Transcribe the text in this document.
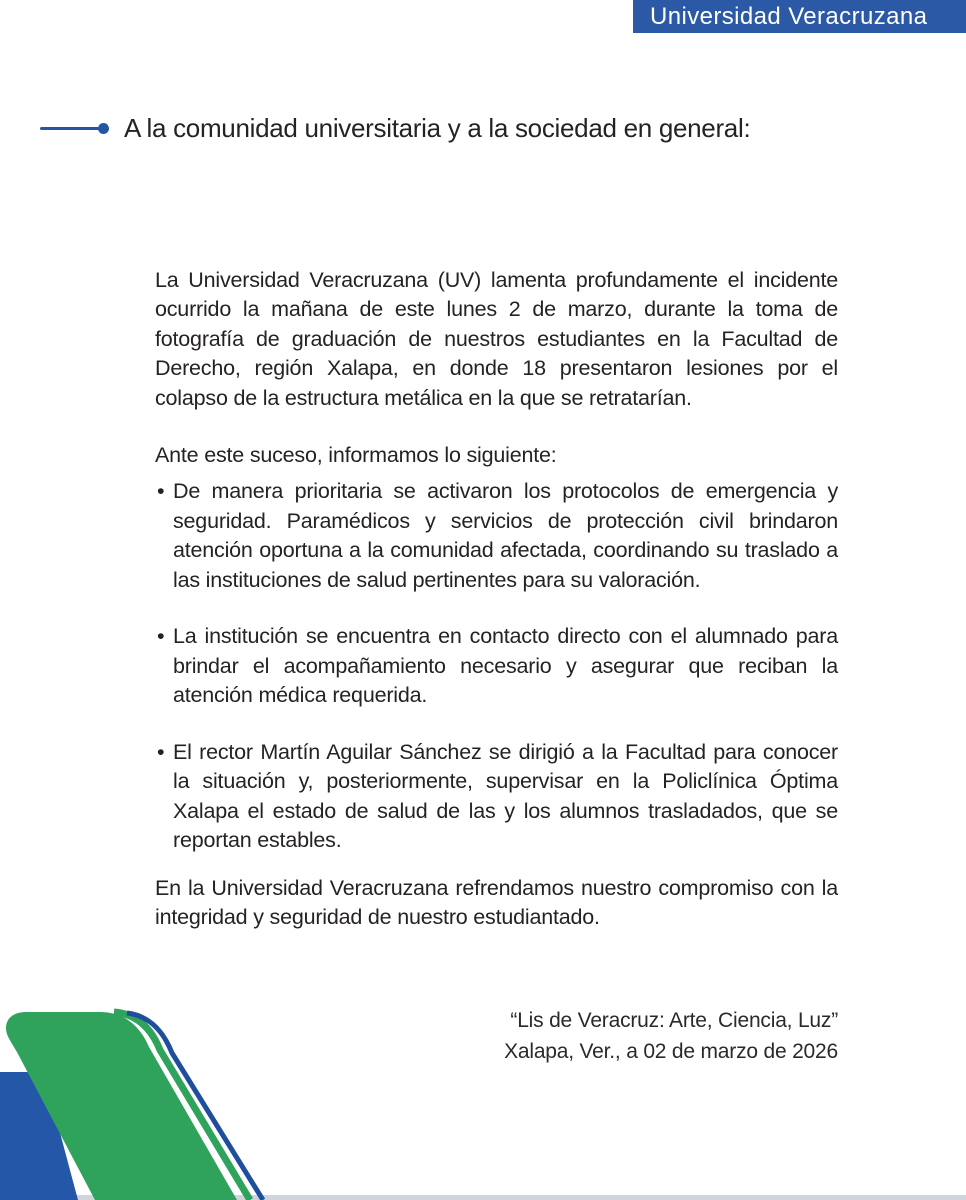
Universidad Veracruzana
A la comunidad universitaria y a la sociedad en general:

La Universidad Veracruzana (UV) lamenta profundamente el incidente ocurrido la mañana de este lunes 2 de marzo, durante la toma de fotografía de graduación de nuestros estudiantes en la Facultad de Derecho, región Xalapa, en donde 18 presentaron lesiones por el colapso de la estructura metálica en la que se retratarían.

Ante este suceso, informamos lo siguiente:

• De manera prioritaria se activaron los protocolos de emergencia y seguridad. Paramédicos y servicios de protección civil brindaron atención oportuna a la comunidad afectada, coordinando su traslado a las instituciones de salud pertinentes para su valoración.
• La institución se encuentra en contacto directo con el alumnado para brindar el acompañamiento necesario y asegurar que reciban la atención médica requerida.
• El rector Martín Aguilar Sánchez se dirigió a la Facultad para conocer la situación y, posteriormente, supervisar en la Policlínica Óptima Xalapa el estado de salud de las y los alumnos trasladados, que se reportan estables.

En la Universidad Veracruzana refrendamos nuestro compromiso con la integridad y seguridad de nuestro estudiantado.

“Lis de Veracruz: Arte, Ciencia, Luz”
Xalapa, Ver., a 02 de marzo de 2026
